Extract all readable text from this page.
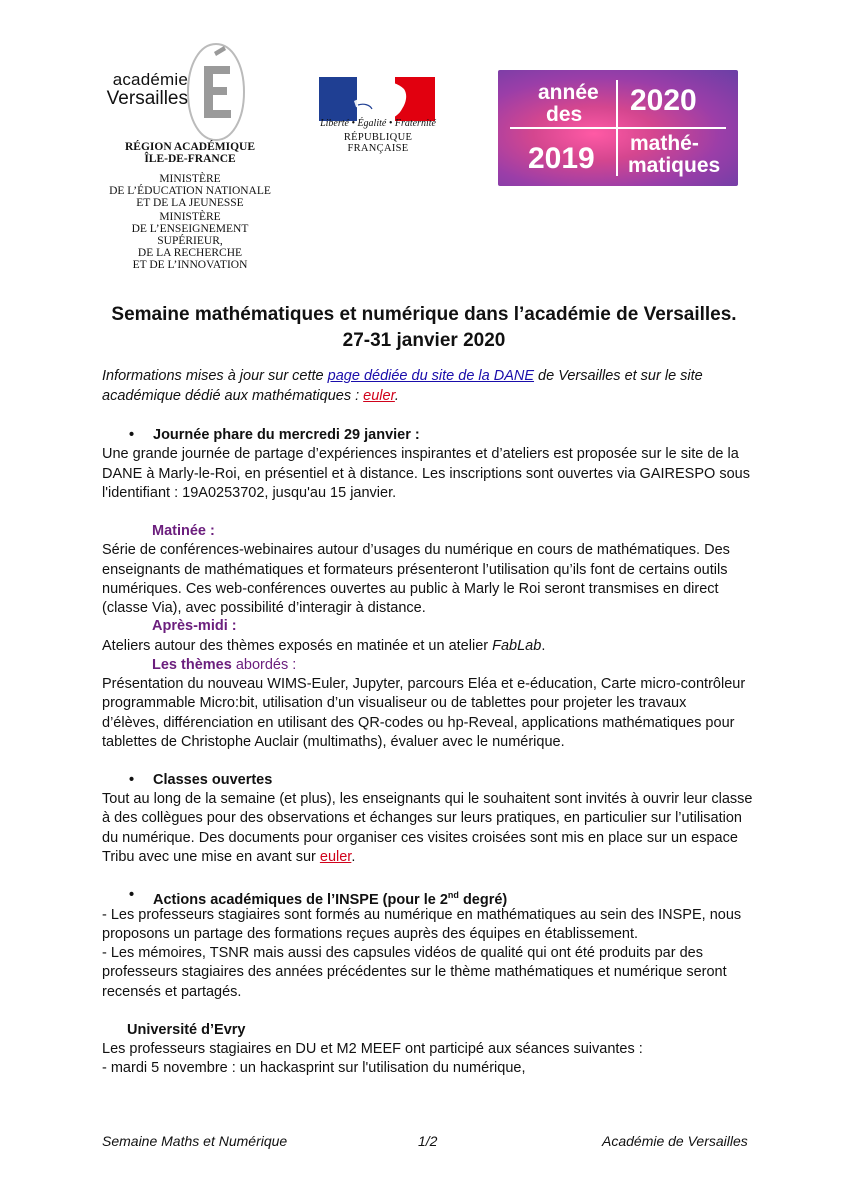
académie
Versailles
RÉGION ACADÉMIQUE
ÎLE-DE-FRANCE
MINISTÈRE
DE L’ÉDUCATION NATIONALE
ET DE LA JEUNESSE
MINISTÈRE
DE L’ENSEIGNEMENT SUPÉRIEUR,
DE LA RECHERCHE
ET DE L’INNOVATION
Liberté • Égalité • Fraternité
RÉPUBLIQUE FRANÇAISE
année
des 2020
2019 mathé-
matiques
Semaine mathématiques et numérique dans l’académie de Versailles.
27-31 janvier 2020
Informations mises à jour sur cette page dédiée du site de la DANE de Versailles et sur le site
académique dédié aux mathématiques : euler.
• Journée phare du mercredi 29 janvier :
Une grande journée de partage d’expériences inspirantes et d’ateliers est proposée sur le site de la
DANE à Marly-le-Roi, en présentiel et à distance. Les inscriptions sont ouvertes via GAIRESPO sous
l'identifiant : 19A0253702, jusqu'au 15 janvier.
Matinée :
Série de conférences-webinaires autour d’usages du numérique en cours de mathématiques. Des
enseignants de mathématiques et formateurs présenteront l’utilisation qu’ils font de certains outils
numériques. Ces web-conférences ouvertes au public à Marly le Roi seront transmises en direct
(classe Via), avec possibilité d’interagir à distance.
Après-midi :
Ateliers autour des thèmes exposés en matinée et un atelier FabLab.
Les thèmes abordés :
Présentation du nouveau WIMS-Euler, Jupyter, parcours Eléa et e-éducation, Carte micro-contrôleur
programmable Micro:bit, utilisation d’un visualiseur ou de tablettes pour projeter les travaux
d’élèves, différenciation en utilisant des QR-codes ou hp-Reveal, applications mathématiques pour
tablettes de Christophe Auclair (multimaths), évaluer avec le numérique.
• Classes ouvertes
Tout au long de la semaine (et plus), les enseignants qui le souhaitent sont invités à ouvrir leur classe
à des collègues pour des observations et échanges sur leurs pratiques, en particulier sur l’utilisation
du numérique. Des documents pour organiser ces visites croisées sont mis en place sur un espace
Tribu avec une mise en avant sur euler.
• Actions académiques de l’INSPE (pour le 2nd degré)
- Les professeurs stagiaires sont formés au numérique en mathématiques au sein des INSPE, nous
proposons un partage des formations reçues auprès des équipes en établissement.
- Les mémoires, TSNR mais aussi des capsules vidéos de qualité qui ont été produits par des
professeurs stagiaires des années précédentes sur le thème mathématiques et numérique seront
recensés et partagés.
Université d’Evry
Les professeurs stagiaires en DU et M2 MEEF ont participé aux séances suivantes :
- mardi 5 novembre : un hackasprint sur l'utilisation du numérique,
Semaine Maths et Numérique	1/2	Académie de Versailles
